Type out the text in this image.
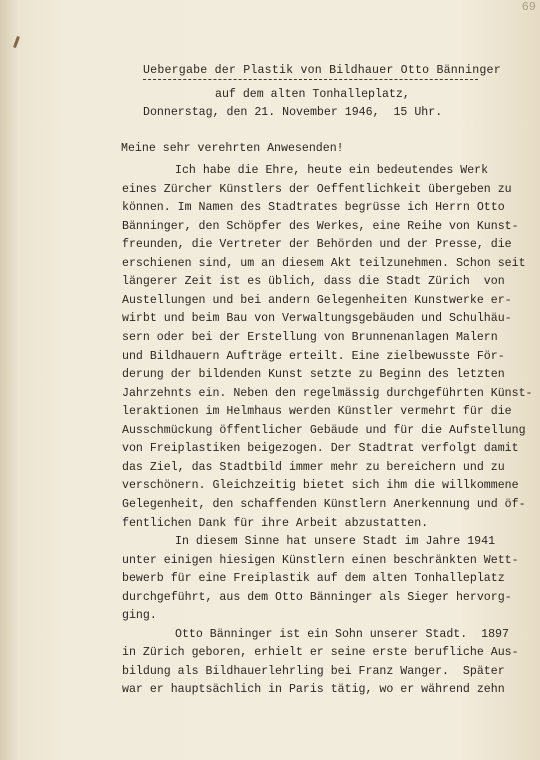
69

Uebergabe der Plastik von Bildhauer Otto Bänninger

auf dem alten Tonhalleplatz,

Donnerstag, den 21. November 1946,  15 Uhr.

Meine sehr verehrten Anwesenden!

Ich habe die Ehre, heute ein bedeutendes Werk
eines Zürcher Künstlers der Oeffentlichkeit übergeben zu
können. Im Namen des Stadtrates begrüsse ich Herrn Otto
Bänninger, den Schöpfer des Werkes, eine Reihe von Kunst-
freunden, die Vertreter der Behörden und der Presse, die
erschienen sind, um an diesem Akt teilzunehmen. Schon seit
längerer Zeit ist es üblich, dass die Stadt Zürich  von
Austellungen und bei andern Gelegenheiten Kunstwerke er-
wirbt und beim Bau von Verwaltungsgebäuden und Schulhäu-
sern oder bei der Erstellung von Brunnenanlagen Malern
und Bildhauern Aufträge erteilt. Eine zielbewusste För-
derung der bildenden Kunst setzte zu Beginn des letzten
Jahrzehnts ein. Neben den regelmässig durchgeführten Künst-
leraktionen im Helmhaus werden Künstler vermehrt für die
Ausschmückung öffentlicher Gebäude und für die Aufstellung
von Freiplastiken beigezogen. Der Stadtrat verfolgt damit
das Ziel, das Stadtbild immer mehr zu bereichern und zu
verschönern. Gleichzeitig bietet sich ihm die willkommene
Gelegenheit, den schaffenden Künstlern Anerkennung und öf-
fentlichen Dank für ihre Arbeit abzustatten.
In diesem Sinne hat unsere Stadt im Jahre 1941
unter einigen hiesigen Künstlern einen beschränkten Wett-
bewerb für eine Freiplastik auf dem alten Tonhalleplatz
durchgeführt, aus dem Otto Bänninger als Sieger hervorg-
ging.
Otto Bänninger ist ein Sohn unserer Stadt.  1897
in Zürich geboren, erhielt er seine erste berufliche Aus-
bildung als Bildhauerlehrling bei Franz Wanger.  Später
war er hauptsächlich in Paris tätig, wo er während zehn
